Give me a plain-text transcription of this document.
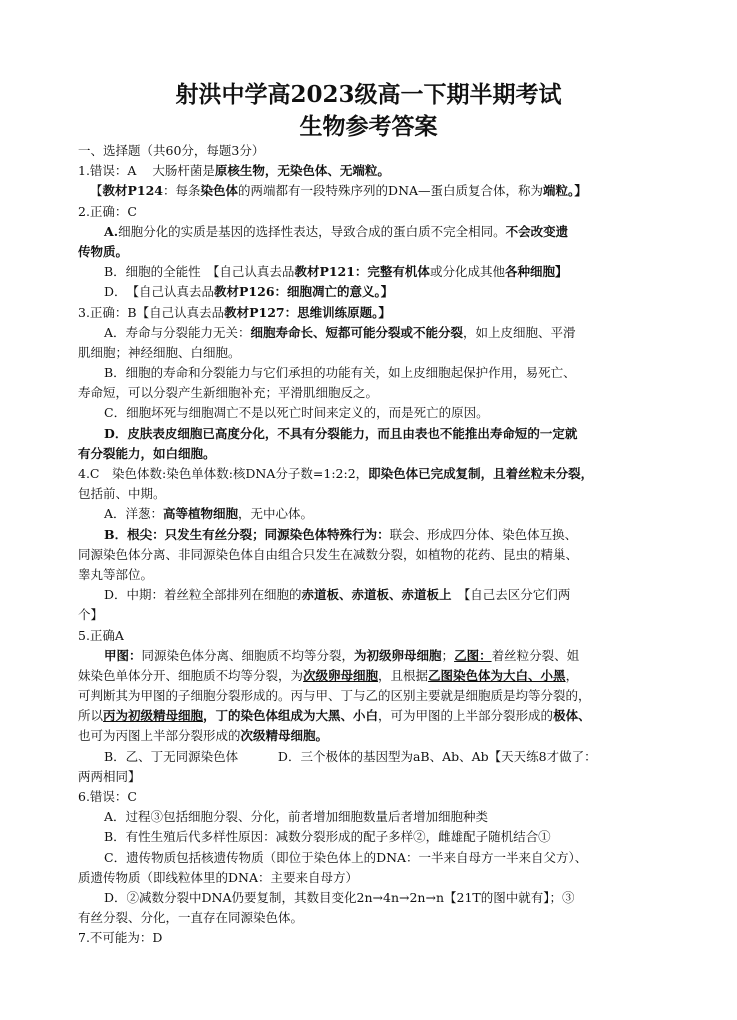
射洪中学高2023级高一下期半期考试
生物参考答案
一、选择题（共60分，每题3分）
1.错误：A 大肠杆菌是原核生物，无染色体、无端粒。
【教材P124：每条染色体的两端都有一段特殊序列的DNA—蛋白质复合体，称为端粒。】
2.正确：C
A.细胞分化的实质是基因的选择性表达，导致合成的蛋白质不完全相同。不会改变遗
传物质。
B．细胞的全能性　【自己认真去品教材P121：完整有机体或分化成其他各种细胞】
D．　【自己认真去品教材P126：细胞凋亡的意义。】
3.正确：B【自己认真去品教材P127：思维训练原题。】
A．寿命与分裂能力无关：细胞寿命长、短都可能分裂或不能分裂，如上皮细胞、平滑
肌细胞；神经细胞、白细胞。
B．细胞的寿命和分裂能力与它们承担的功能有关，如上皮细胞起保护作用，易死亡、
寿命短，可以分裂产生新细胞补充；平滑肌细胞反之。
C．细胞坏死与细胞凋亡不是以死亡时间来定义的，而是死亡的原因。
D．皮肤表皮细胞已高度分化，不具有分裂能力，而且由表也不能推出寿命短的一定就
有分裂能力，如白细胞。
4.C　染色体数:染色单体数:核DNA分子数=1:2:2，即染色体已完成复制，且着丝粒未分裂，
包括前、中期。
A．洋葱：高等植物细胞，无中心体。
B．根尖：只发生有丝分裂；同源染色体特殊行为：联会、形成四分体、染色体互换、
同源染色体分离、非同源染色体自由组合只发生在减数分裂，如植物的花药、昆虫的精巢、
睾丸等部位。
D．中期：着丝粒全部排列在细胞的赤道板、赤道板、赤道板上　【自己去区分它们两
个】
5.正确A
甲图：同源染色体分离、细胞质不均等分裂，为初级卵母细胞；乙图：着丝粒分裂、姐
妹染色单体分开、细胞质不均等分裂，为次级卵母细胞，且根据乙图染色体为大白、小黑，
可判断其为甲图的子细胞分裂形成的。丙与甲、丁与乙的区别主要就是细胞质是均等分裂的，
所以丙为初级精母细胞，丁的染色体组成为大黑、小白，可为甲图的上半部分裂形成的极体、
也可为丙图上半部分裂形成的次级精母细胞。
B．乙、丁无同源染色体	D．三个极体的基因型为aB、Ab、Ab【天天练8才做了：
两两相同】
6.错误：C
A．过程③包括细胞分裂、分化，前者增加细胞数量后者增加细胞种类
B．有性生殖后代多样性原因：减数分裂形成的配子多样②，雌雄配子随机结合①
C．遗传物质包括核遗传物质（即位于染色体上的DNA：一半来自母方一半来自父方）、
质遗传物质（即线粒体里的DNA：主要来自母方）
D．②减数分裂中DNA仍要复制，其数目变化2n→4n→2n→n【21T的图中就有】；③
有丝分裂、分化，一直存在同源染色体。
7.不可能为：D
